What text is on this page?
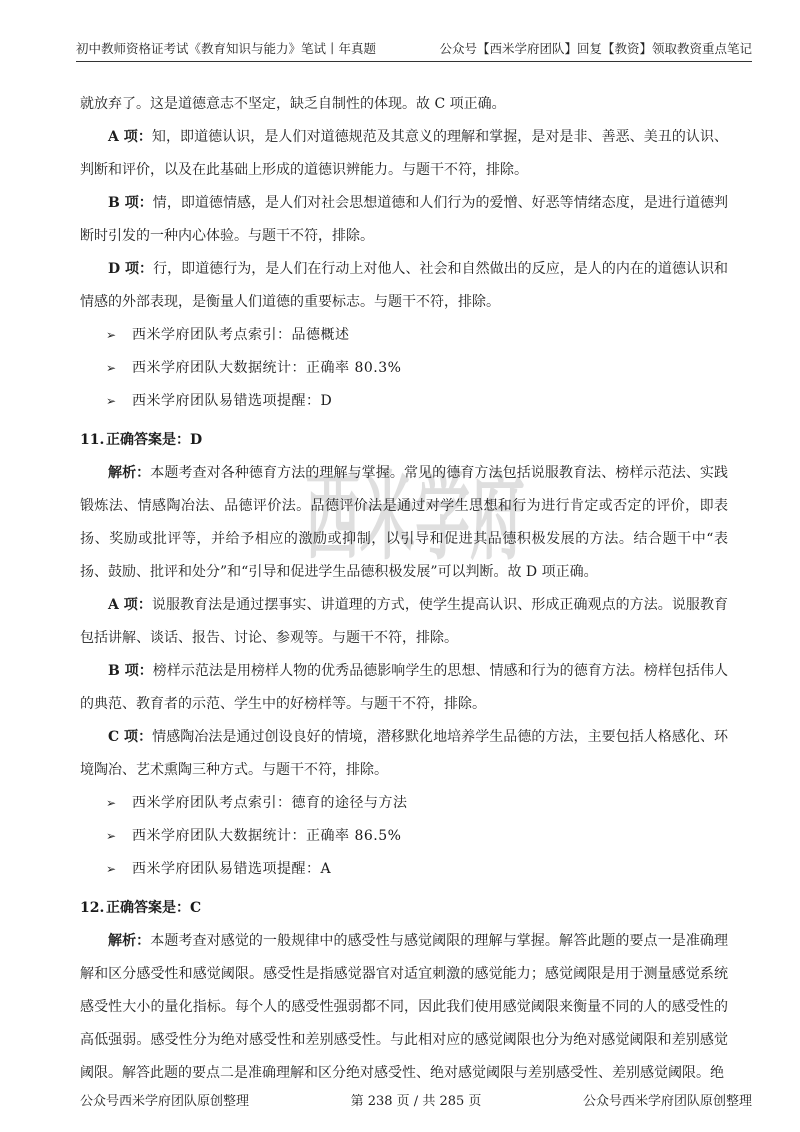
初中教师资格证考试《教育知识与能力》笔试丨年真题	公众号【西米学府团队】回复【教资】领取教资重点笔记
西米学府

就放弃了。这是道德意志不坚定，缺乏自制性的体现。故 C 项正确。

A 项：知，即道德认识，是人们对道德规范及其意义的理解和掌握，是对是非、善恶、美丑的认识、判断和评价，以及在此基础上形成的道德识辨能力。与题干不符，排除。

B 项：情，即道德情感，是人们对社会思想道德和人们行为的爱憎、好恶等情绪态度，是进行道德判断时引发的一种内心体验。与题干不符，排除。

D 项：行，即道德行为，是人们在行动上对他人、社会和自然做出的反应，是人的内在的道德认识和情感的外部表现，是衡量人们道德的重要标志。与题干不符，排除。

➢	西米学府团队考点索引：品德概述
➢	西米学府团队大数据统计：正确率 80.3%
➢	西米学府团队易错选项提醒：D
11. 正确答案是：D

解析：本题考查对各种德育方法的理解与掌握。常见的德育方法包括说服教育法、榜样示范法、实践锻炼法、情感陶冶法、品德评价法。品德评价法是通过对学生思想和行为进行肯定或否定的评价，即表扬、奖励或批评等，并给予相应的激励或抑制，以引导和促进其品德积极发展的方法。结合题干中“表扬、鼓励、批评和处分”和“引导和促进学生品德积极发展”可以判断。故 D 项正确。

A 项：说服教育法是通过摆事实、讲道理的方式，使学生提高认识、形成正确观点的方法。说服教育包括讲解、谈话、报告、讨论、参观等。与题干不符，排除。

B 项：榜样示范法是用榜样人物的优秀品德影响学生的思想、情感和行为的德育方法。榜样包括伟人的典范、教育者的示范、学生中的好榜样等。与题干不符，排除。

C 项：情感陶冶法是通过创设良好的情境，潜移默化地培养学生品德的方法，主要包括人格感化、环境陶冶、艺术熏陶三种方式。与题干不符，排除。

➢	西米学府团队考点索引：德育的途径与方法
➢	西米学府团队大数据统计：正确率 86.5%
➢	西米学府团队易错选项提醒：A
12. 正确答案是：C

解析：本题考查对感觉的一般规律中的感受性与感觉阈限的理解与掌握。解答此题的要点一是准确理解和区分感受性和感觉阈限。感受性是指感觉器官对适宜刺激的感觉能力；感觉阈限是用于测量感觉系统感受性大小的量化指标。每个人的感受性强弱都不同，因此我们使用感觉阈限来衡量不同的人的感受性的高低强弱。感受性分为绝对感受性和差别感受性。与此相对应的感觉阈限也分为绝对感觉阈限和差别感觉阈限。解答此题的要点二是准确理解和区分绝对感受性、绝对感觉阈限与差别感受性、差别感觉阈限。绝

公众号西米学府团队原创整理	第 238 页 / 共 285 页	公众号西米学府团队原创整理
